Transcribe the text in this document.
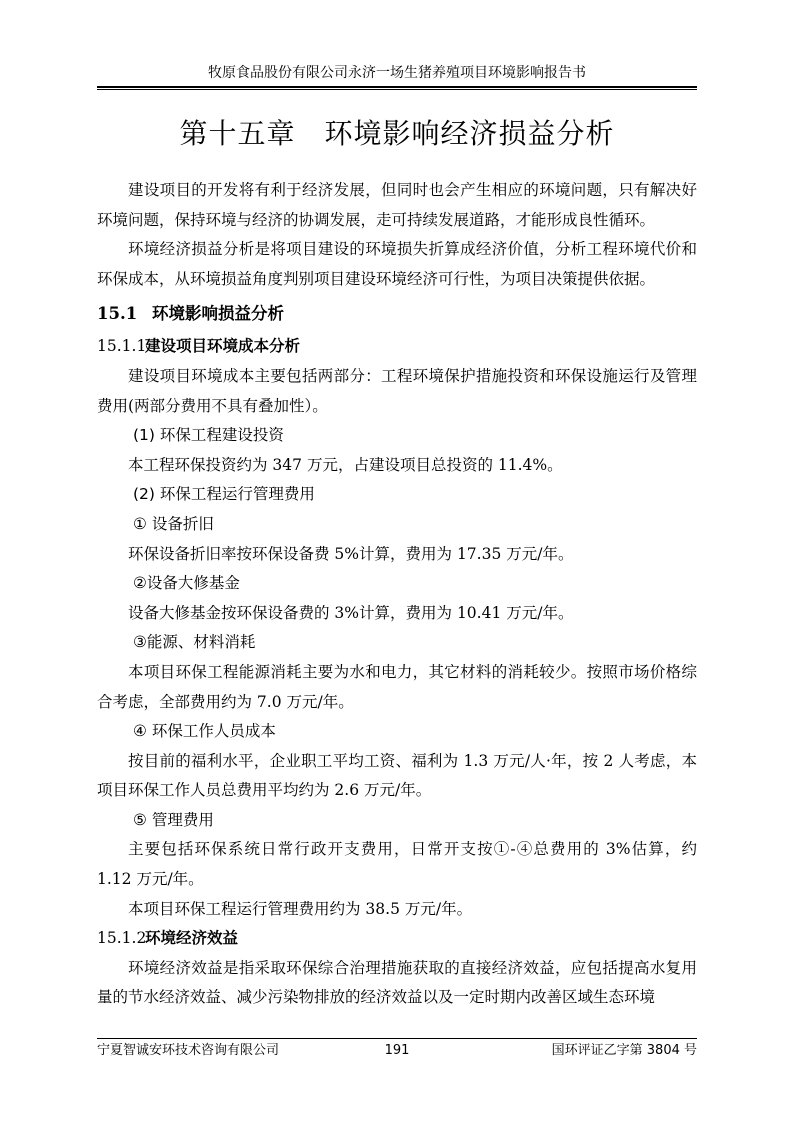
牧原食品股份有限公司永济一场生猪养殖项目环境影响报告书
第十五章　环境影响经济损益分析

建设项目的开发将有利于经济发展，但同时也会产生相应的环境问题，只有解决好环境问题，保持环境与经济的协调发展，走可持续发展道路，才能形成良性循环。

环境经济损益分析是将项目建设的环境损失折算成经济价值，分析工程环境代价和环保成本，从环境损益角度判别项目建设环境经济可行性，为项目决策提供依据。

15.1 环境影响损益分析
15.1.1建设项目环境成本分析

建设项目环境成本主要包括两部分：工程环境保护措施投资和环保设施运行及管理费用(两部分费用不具有叠加性）。

(1) 环保工程建设投资

本工程环保投资约为 347 万元，占建设项目总投资的 11.4%。

(2) 环保工程运行管理费用

① 设备折旧

环保设备折旧率按环保设备费 5%计算，费用为 17.35 万元/年。

②设备大修基金

设备大修基金按环保设备费的 3%计算，费用为 10.41 万元/年。

③能源、材料消耗

本项目环保工程能源消耗主要为水和电力，其它材料的消耗较少。按照市场价格综合考虑，全部费用约为 7.0 万元/年。

④ 环保工作人员成本

按目前的福利水平，企业职工平均工资、福利为 1.3 万元/人·年，按 2 人考虑，本项目环保工作人员总费用平均约为 2.6 万元/年。

⑤ 管理费用

主要包括环保系统日常行政开支费用，日常开支按①-④总费用的 3%估算，约 1.12 万元/年。

本项目环保工程运行管理费用约为 38.5 万元/年。

15.1.2环境经济效益

环境经济效益是指采取环保综合治理措施获取的直接经济效益，应包括提高水复用量的节水经济效益、减少污染物排放的经济效益以及一定时期内改善区域生态环境

宁夏智诚安环技术咨询有限公司	191	国环评证乙字第 3804 号
